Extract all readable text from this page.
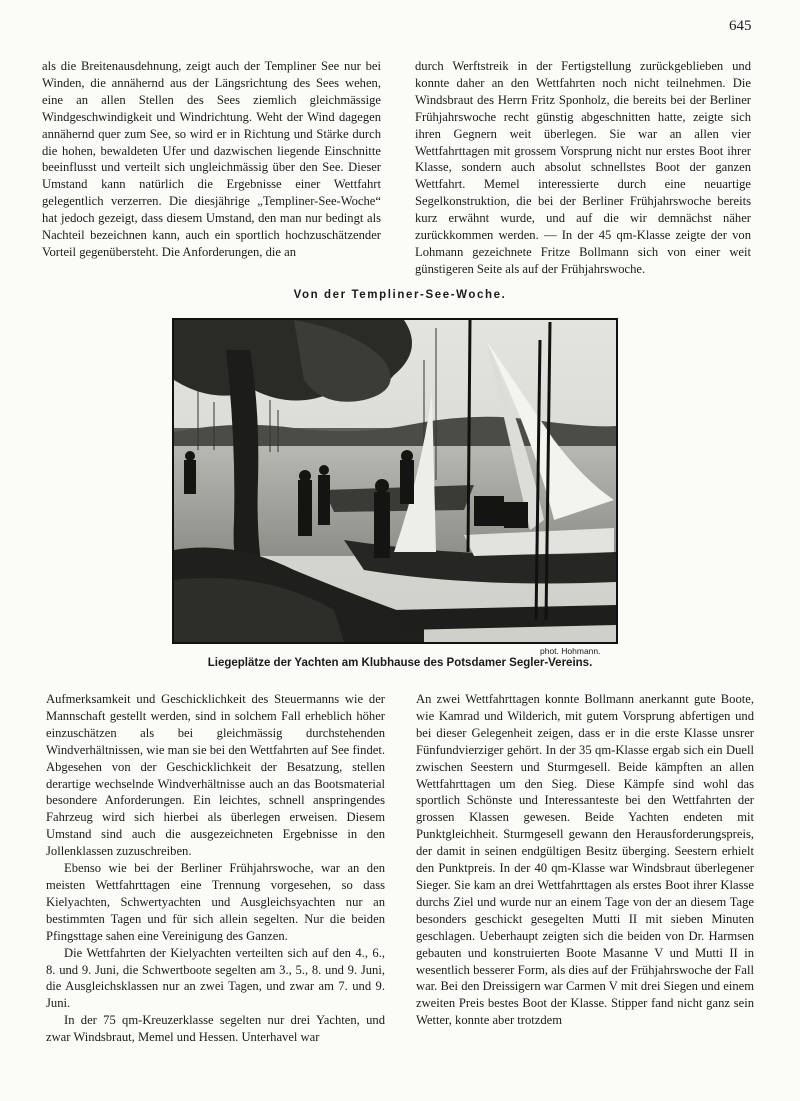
645

als die Breitenausdehnung, zeigt auch der Templiner See nur bei Winden, die annähernd aus der Längsrichtung des Sees wehen, eine an allen Stellen des Sees ziemlich gleichmässige Windgeschwindigkeit und Windrichtung. Weht der Wind dagegen annähernd quer zum See, so wird er in Richtung und Stärke durch die hohen, bewaldeten Ufer und dazwischen liegende Einschnitte beeinflusst und verteilt sich ungleichmässig über den See. Dieser Umstand kann natürlich die Ergebnisse einer Wettfahrt gelegentlich verzerren. Die diesjährige „Templiner-See-Woche“ hat jedoch gezeigt, dass diesem Umstand, den man nur bedingt als Nachteil bezeichnen kann, auch ein sportlich hochzuschätzender Vorteil gegenübersteht. Die Anforderungen, die an

durch Werftstreik in der Fertigstellung zurückgeblieben und konnte daher an den Wettfahrten noch nicht teilnehmen. Die Windsbraut des Herrn Fritz Sponholz, die bereits bei der Berliner Frühjahrswoche recht günstig abgeschnitten hatte, zeigte sich ihren Gegnern weit überlegen. Sie war an allen vier Wettfahrttagen mit grossem Vorsprung nicht nur erstes Boot ihrer Klasse, sondern auch absolut schnellstes Boot der ganzen Wettfahrt. Memel interessierte durch eine neuartige Segelkonstruktion, die bei der Berliner Frühjahrswoche bereits kurz erwähnt wurde, und auf die wir demnächst näher zurückkommen werden. — In der 45 qm-Klasse zeigte der von Lohmann gezeichnete Fritze Bollmann sich von einer weit günstigeren Seite als auf der Frühjahrswoche.

Von der Templiner-See-Woche.
phot. Hohmann.
Liegeplätze der Yachten am Klubhause des Potsdamer Segler-Vereins.

Aufmerksamkeit und Geschicklichkeit des Steuermanns wie der Mannschaft gestellt werden, sind in solchem Fall erheblich höher einzuschätzen als bei gleichmässig durchstehenden Windverhältnissen, wie man sie bei den Wettfahrten auf See findet. Abgesehen von der Geschicklichkeit der Besatzung, stellen derartige wechselnde Windverhältnisse auch an das Bootsmaterial besondere Anforderungen. Ein leichtes, schnell anspringendes Fahrzeug wird sich hierbei als überlegen erweisen. Diesem Umstand sind auch die ausgezeichneten Ergebnisse in den Jollenklassen zuzuschreiben.

Ebenso wie bei der Berliner Frühjahrswoche, war an den meisten Wettfahrttagen eine Trennung vorgesehen, so dass Kielyachten, Schwertyachten und Ausgleichsyachten nur an bestimmten Tagen und für sich allein segelten. Nur die beiden Pfingsttage sahen eine Vereinigung des Ganzen.

Die Wettfahrten der Kielyachten verteilten sich auf den 4., 6., 8. und 9. Juni, die Schwertboote segelten am 3., 5., 8. und 9. Juni, die Ausgleichsklassen nur an zwei Tagen, und zwar am 7. und 9. Juni.

In der 75 qm-Kreuzerklasse segelten nur drei Yachten, und zwar Windsbraut, Memel und Hessen. Unterhavel war

An zwei Wettfahrttagen konnte Bollmann anerkannt gute Boote, wie Kamrad und Wilderich, mit gutem Vorsprung abfertigen und bei dieser Gelegenheit zeigen, dass er in die erste Klasse unsrer Fünfundvierziger gehört. In der 35 qm-Klasse ergab sich ein Duell zwischen Seestern und Sturmgesell. Beide kämpften an allen Wettfahrttagen um den Sieg. Diese Kämpfe sind wohl das sportlich Schönste und Interessanteste bei den Wettfahrten der grossen Klassen gewesen. Beide Yachten endeten mit Punktgleichheit. Sturmgesell gewann den Herausforderungspreis, der damit in seinen endgültigen Besitz überging. Seestern erhielt den Punktpreis. In der 40 qm-Klasse war Windsbraut überlegener Sieger. Sie kam an drei Wettfahrttagen als erstes Boot ihrer Klasse durchs Ziel und wurde nur an einem Tage von der an diesem Tage besonders geschickt gesegelten Mutti II mit sieben Minuten geschlagen. Ueberhaupt zeigten sich die beiden von Dr. Harmsen gebauten und konstruierten Boote Masanne V und Mutti II in wesentlich besserer Form, als dies auf der Frühjahrswoche der Fall war. Bei den Dreissigern war Carmen V mit drei Siegen und einem zweiten Preis bestes Boot der Klasse. Stipper fand nicht ganz sein Wetter, konnte aber trotzdem
